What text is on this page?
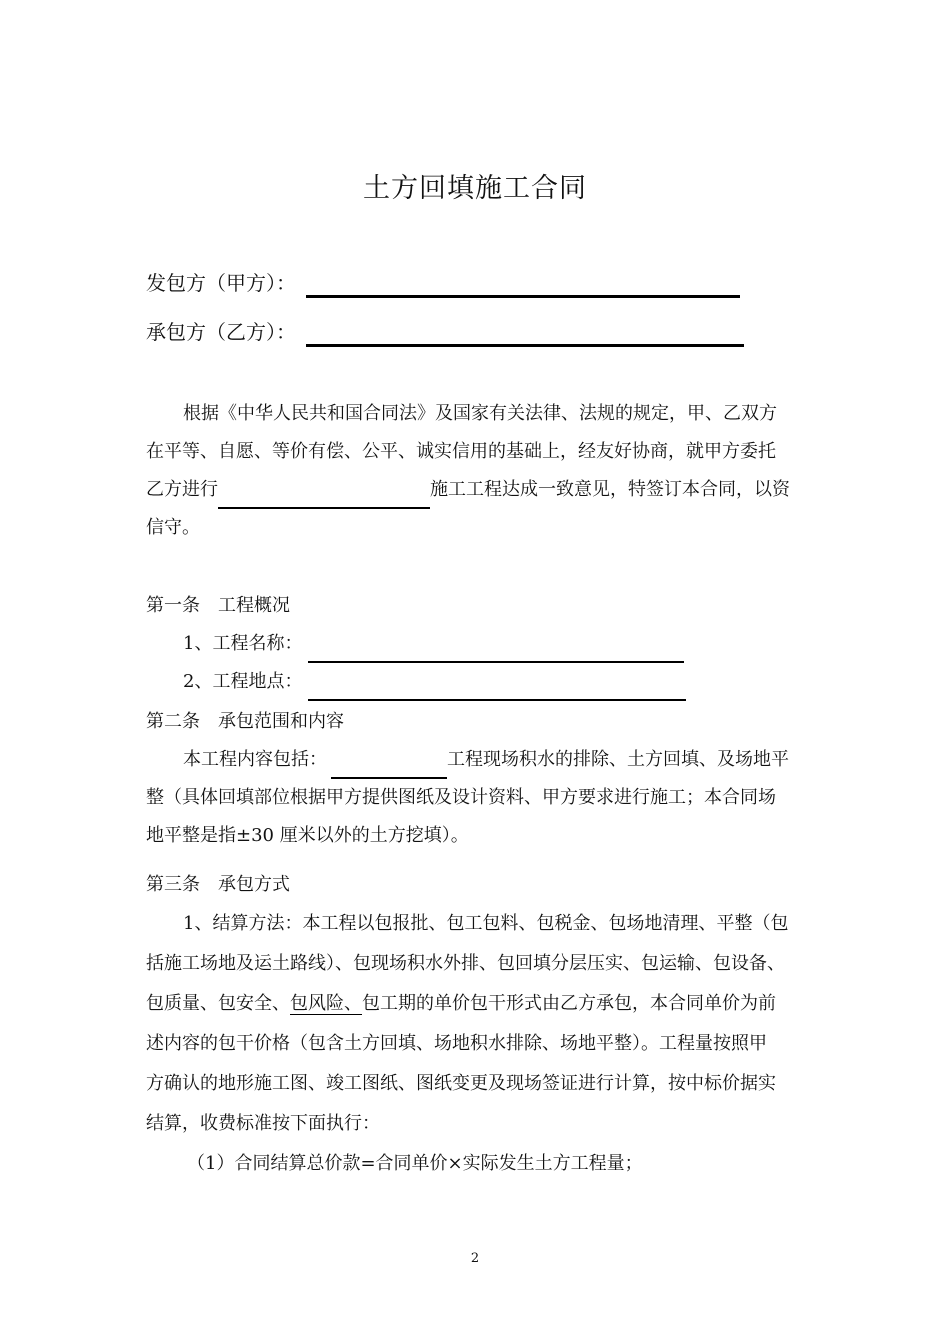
土方回填施工合同
发包方（甲方）：
承包方（乙方）：
根据《中华人民共和国合同法》及国家有关法律、法规的规定，甲、乙双方
在平等、自愿、等价有偿、公平、诚实信用的基础上，经友好协商，就甲方委托
乙方进行	施工工程达成一致意见，特签订本合同，以资
信守。
第一条　工程概况
1、工程名称：
2、工程地点：
第二条　承包范围和内容
本工程内容包括：	工程现场积水的排除、土方回填、及场地平
整（具体回填部位根据甲方提供图纸及设计资料、甲方要求进行施工；本合同场
地平整是指±30 厘米以外的土方挖填）。
第三条　承包方式
1、结算方法：本工程以包报批、包工包料、包税金、包场地清理、平整（包
括施工场地及运土路线）、包现场积水外排、包回填分层压实、包运输、包设备、
包质量、包安全、包风险、包工期的单价包干形式由乙方承包，本合同单价为前
述内容的包干价格（包含土方回填、场地积水排除、场地平整）。工程量按照甲
方确认的地形施工图、竣工图纸、图纸变更及现场签证进行计算，按中标价据实
结算，收费标准按下面执行：
（1）合同结算总价款=合同单价×实际发生土方工程量；
2
